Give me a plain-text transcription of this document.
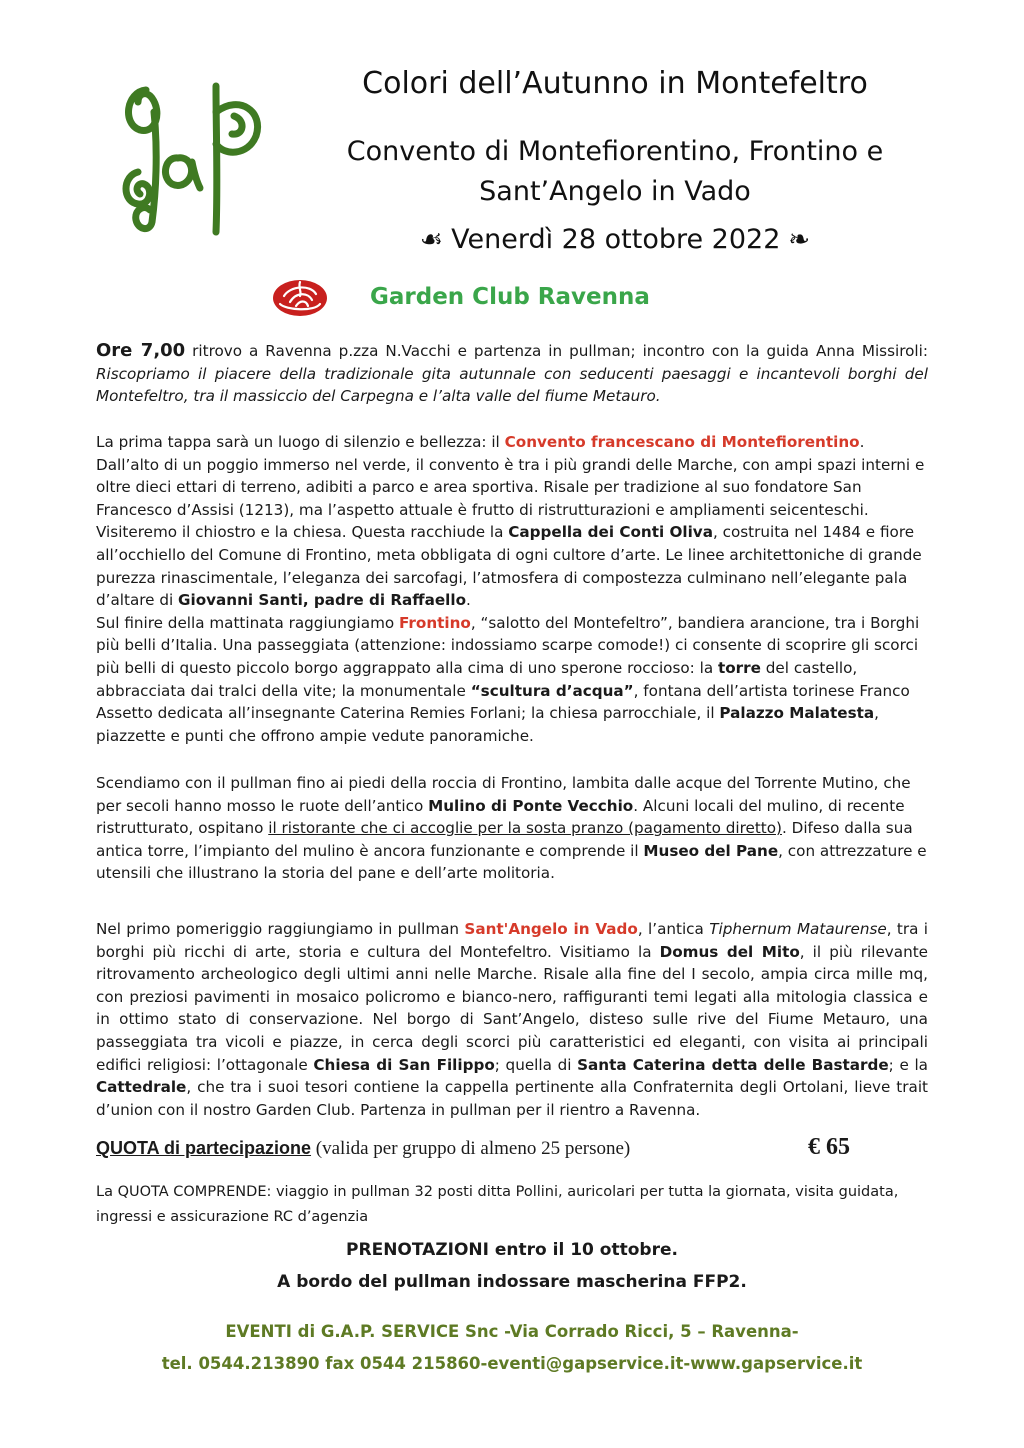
Colori dell’Autunno in Montefeltro
Convento di Montefiorentino, Frontino e
Sant’Angelo in Vado
☙ Venerdì 28 ottobre 2022 ❧
Garden Club Ravenna
Ore 7,00 ritrovo a Ravenna p.zza N.Vacchi e partenza in pullman; incontro con la guida Anna Missiroli: Riscopriamo il piacere della tradizionale gita autunnale con seducenti paesaggi e incantevoli borghi del Montefeltro, tra il massiccio del Carpegna e l’alta valle del fiume Metauro.
La prima tappa sarà un luogo di silenzio e bellezza: il Convento francescano di Montefiorentino. Dall’alto di un poggio immerso nel verde, il convento è tra i più grandi delle Marche, con ampi spazi interni e oltre dieci ettari di terreno, adibiti a parco e area sportiva. Risale per tradizione al suo fondatore San Francesco d’Assisi (1213), ma l’aspetto attuale è frutto di ristrutturazioni e ampliamenti seicenteschi. Visiteremo il chiostro e la chiesa. Questa racchiude la Cappella dei Conti Oliva, costruita nel 1484 e fiore all’occhiello del Comune di Frontino, meta obbligata di ogni cultore d’arte. Le linee architettoniche di grande purezza rinascimentale, l’eleganza dei sarcofagi, l’atmosfera di compostezza culminano nell’elegante pala d’altare di Giovanni Santi, padre di Raffaello.
Sul finire della mattinata raggiungiamo Frontino, “salotto del Montefeltro”, bandiera arancione, tra i Borghi più belli d’Italia. Una passeggiata (attenzione: indossiamo scarpe comode!) ci consente di scoprire gli scorci più belli di questo piccolo borgo aggrappato alla cima di uno sperone roccioso: la torre del castello, abbracciata dai tralci della vite; la monumentale “scultura d’acqua”, fontana dell’artista torinese Franco Assetto dedicata all’insegnante Caterina Remies Forlani; la chiesa parrocchiale, il Palazzo Malatesta, piazzette e punti che offrono ampie vedute panoramiche.
Scendiamo con il pullman fino ai piedi della roccia di Frontino, lambita dalle acque del Torrente Mutino, che per secoli hanno mosso le ruote dell’antico Mulino di Ponte Vecchio. Alcuni locali del mulino, di recente ristrutturato, ospitano il ristorante che ci accoglie per la sosta pranzo (pagamento diretto). Difeso dalla sua antica torre, l’impianto del mulino è ancora funzionante e comprende il Museo del Pane, con attrezzature e utensili che illustrano la storia del pane e dell’arte molitoria.
Nel primo pomeriggio raggiungiamo in pullman Sant'Angelo in Vado, l’antica Tiphernum Mataurense, tra i borghi più ricchi di arte, storia e cultura del Montefeltro. Visitiamo la Domus del Mito, il più rilevante ritrovamento archeologico degli ultimi anni nelle Marche. Risale alla fine del I secolo, ampia circa mille mq, con preziosi pavimenti in mosaico policromo e bianco-nero, raffiguranti temi legati alla mitologia classica e in ottimo stato di conservazione. Nel borgo di Sant’Angelo, disteso sulle rive del Fiume Metauro, una passeggiata tra vicoli e piazze, in cerca degli scorci più caratteristici ed eleganti, con visita ai principali edifici religiosi: l’ottagonale Chiesa di San Filippo; quella di Santa Caterina detta delle Bastarde; e la Cattedrale, che tra i suoi tesori contiene la cappella pertinente alla Confraternita degli Ortolani, lieve trait d’union con il nostro Garden Club. Partenza in pullman per il rientro a Ravenna.
QUOTA di partecipazione (valida per gruppo di almeno 25 persone)	€ 65
La QUOTA COMPRENDE: viaggio in pullman 32 posti ditta Pollini, auricolari per tutta la giornata, visita guidata, ingressi e assicurazione RC d’agenzia
PRENOTAZIONI entro il 10 ottobre.
A bordo del pullman indossare mascherina FFP2.
EVENTI di G.A.P. SERVICE Snc -Via Corrado Ricci, 5 – Ravenna-
tel. 0544.213890 fax 0544 215860-eventi@gapservice.it-www.gapservice.it
